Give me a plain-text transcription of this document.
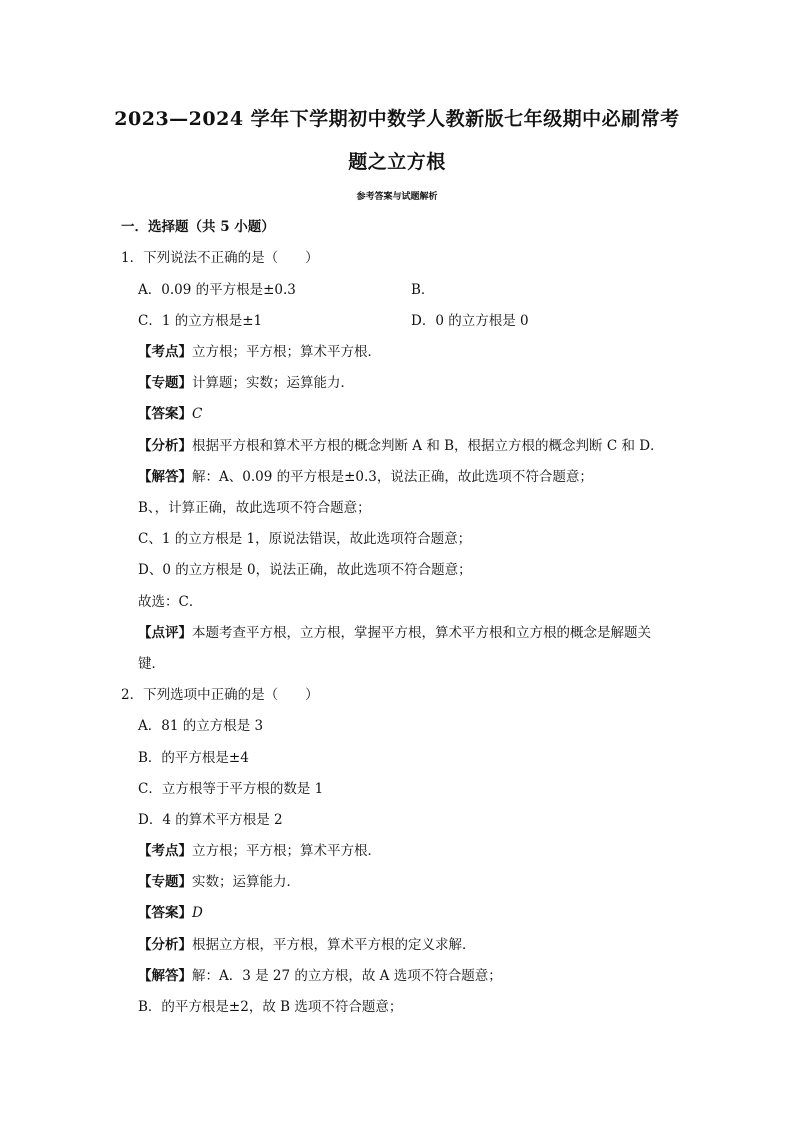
2023—2024 学年下学期初中数学人教新版七年级期中必刷常考
题之立方根
参考答案与试题解析
一．选择题（共 5 小题）
1．下列说法不正确的是（　　）
A．0.09 的平方根是±0.3	B．
C．1 的立方根是±1	D．0 的立方根是 0
【考点】立方根；平方根；算术平方根．
【专题】计算题；实数；运算能力．
【答案】C
【分析】根据平方根和算术平方根的概念判断 A 和 B，根据立方根的概念判断 C 和 D．
【解答】解：A、0.09 的平方根是±0.3，说法正确，故此选项不符合题意；
B、，计算正确，故此选项不符合题意；
C、1 的立方根是 1，原说法错误，故此选项符合题意；
D、0 的立方根是 0，说法正确，故此选项不符合题意；
故选：C．
【点评】本题考查平方根，立方根，掌握平方根，算术平方根和立方根的概念是解题关
键．
2．下列选项中正确的是（　　）
A．81 的立方根是 3
B．的平方根是±4
C．立方根等于平方根的数是 1
D．4 的算术平方根是 2
【考点】立方根；平方根；算术平方根．
【专题】实数；运算能力．
【答案】D
【分析】根据立方根，平方根，算术平方根的定义求解．
【解答】解：A．3 是 27 的立方根，故 A 选项不符合题意；
B．的平方根是±2，故 B 选项不符合题意；
